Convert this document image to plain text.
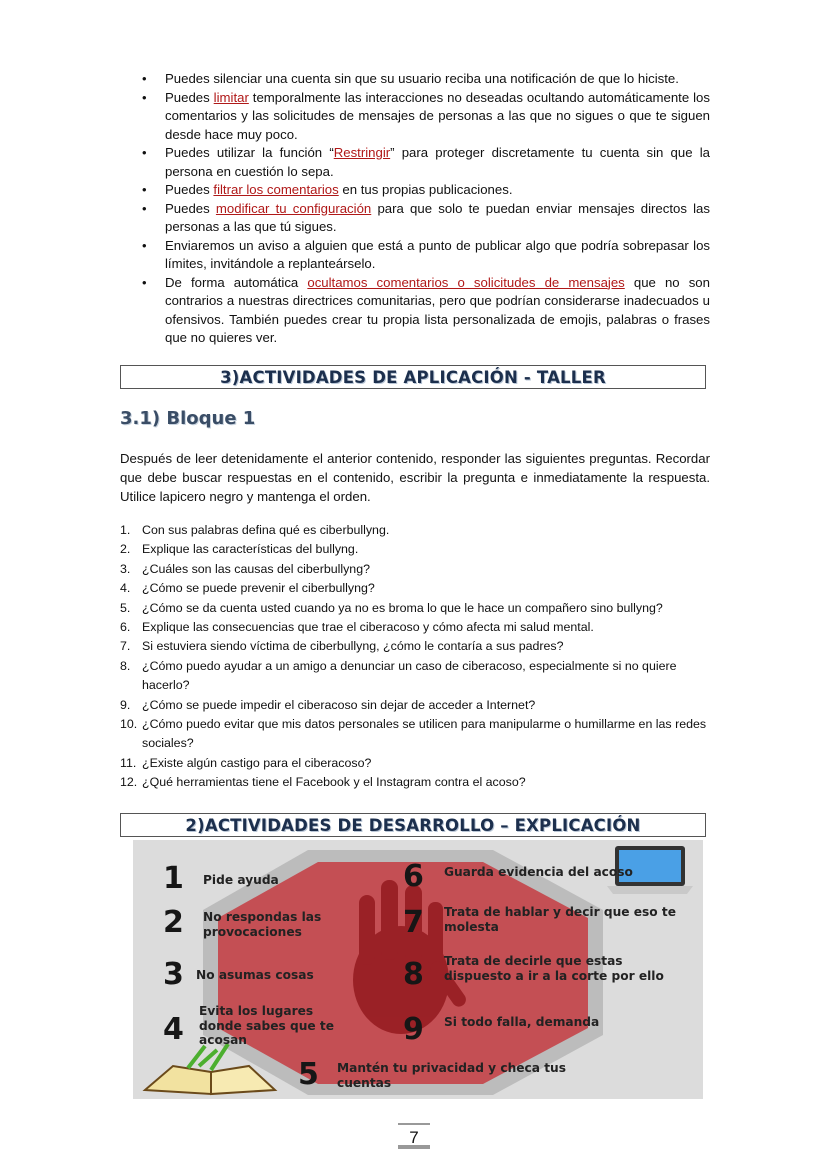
• Puedes silenciar una cuenta sin que su usuario reciba una notificación de que lo hiciste.
• Puedes limitar temporalmente las interacciones no deseadas ocultando automáticamente los comentarios y las solicitudes de mensajes de personas a las que no sigues o que te siguen desde hace muy poco.
• Puedes utilizar la función “Restringir” para proteger discretamente tu cuenta sin que la persona en cuestión lo sepa.
• Puedes filtrar los comentarios en tus propias publicaciones.
• Puedes modificar tu configuración para que solo te puedan enviar mensajes directos las personas a las que tú sigues.
• Enviaremos un aviso a alguien que está a punto de publicar algo que podría sobrepasar los límites, invitándole a replanteárselo.
• De forma automática ocultamos comentarios o solicitudes de mensajes que no son contrarios a nuestras directrices comunitarias, pero que podrían considerarse inadecuados u ofensivos. También puedes crear tu propia lista personalizada de emojis, palabras o frases que no quieres ver.
3)ACTIVIDADES DE APLICACIÓN - TALLER
3.1) Bloque 1

Después de leer detenidamente el anterior contenido, responder las siguientes preguntas. Recordar que debe buscar respuestas en el contenido, escribir la pregunta e inmediatamente la respuesta. Utilice lapicero negro y mantenga el orden.

1. Con sus palabras defina qué es ciberbullyng.
2. Explique las características del bullyng.
3. ¿Cuáles son las causas del ciberbullyng?
4. ¿Cómo se puede prevenir el ciberbullyng?
5. ¿Cómo se da cuenta usted cuando ya no es broma lo que le hace un compañero sino bullyng?
6. Explique las consecuencias que trae el ciberacoso y cómo afecta mi salud mental.
7. Si estuviera siendo víctima de ciberbullyng, ¿cómo le contaría a sus padres?
8. ¿Cómo puedo ayudar a un amigo a denunciar un caso de ciberacoso, especialmente si no quiere hacerlo?
9. ¿Cómo se puede impedir el ciberacoso sin dejar de acceder a Internet?
10. ¿Cómo puedo evitar que mis datos personales se utilicen para manipularme o humillarme en las redes sociales?
11. ¿Existe algún castigo para el ciberacoso?
12. ¿Qué herramientas tiene el Facebook y el Instagram contra el acoso?
2)ACTIVIDADES DE DESARROLLO – EXPLICACIÓN
1 Pide ayuda
2 No respondas las provocaciones
3 No asumas cosas
4
Evita los lugares donde sabes que te acosan
5 Mantén tu privacidad y checa tus cuentas
6 Guarda evidencia del acoso
7 Trata de hablar y decir que eso te molesta
8 Trata de decirle que estas dispuesto a ir a la corte por ello
9 Si todo falla, demanda
7
